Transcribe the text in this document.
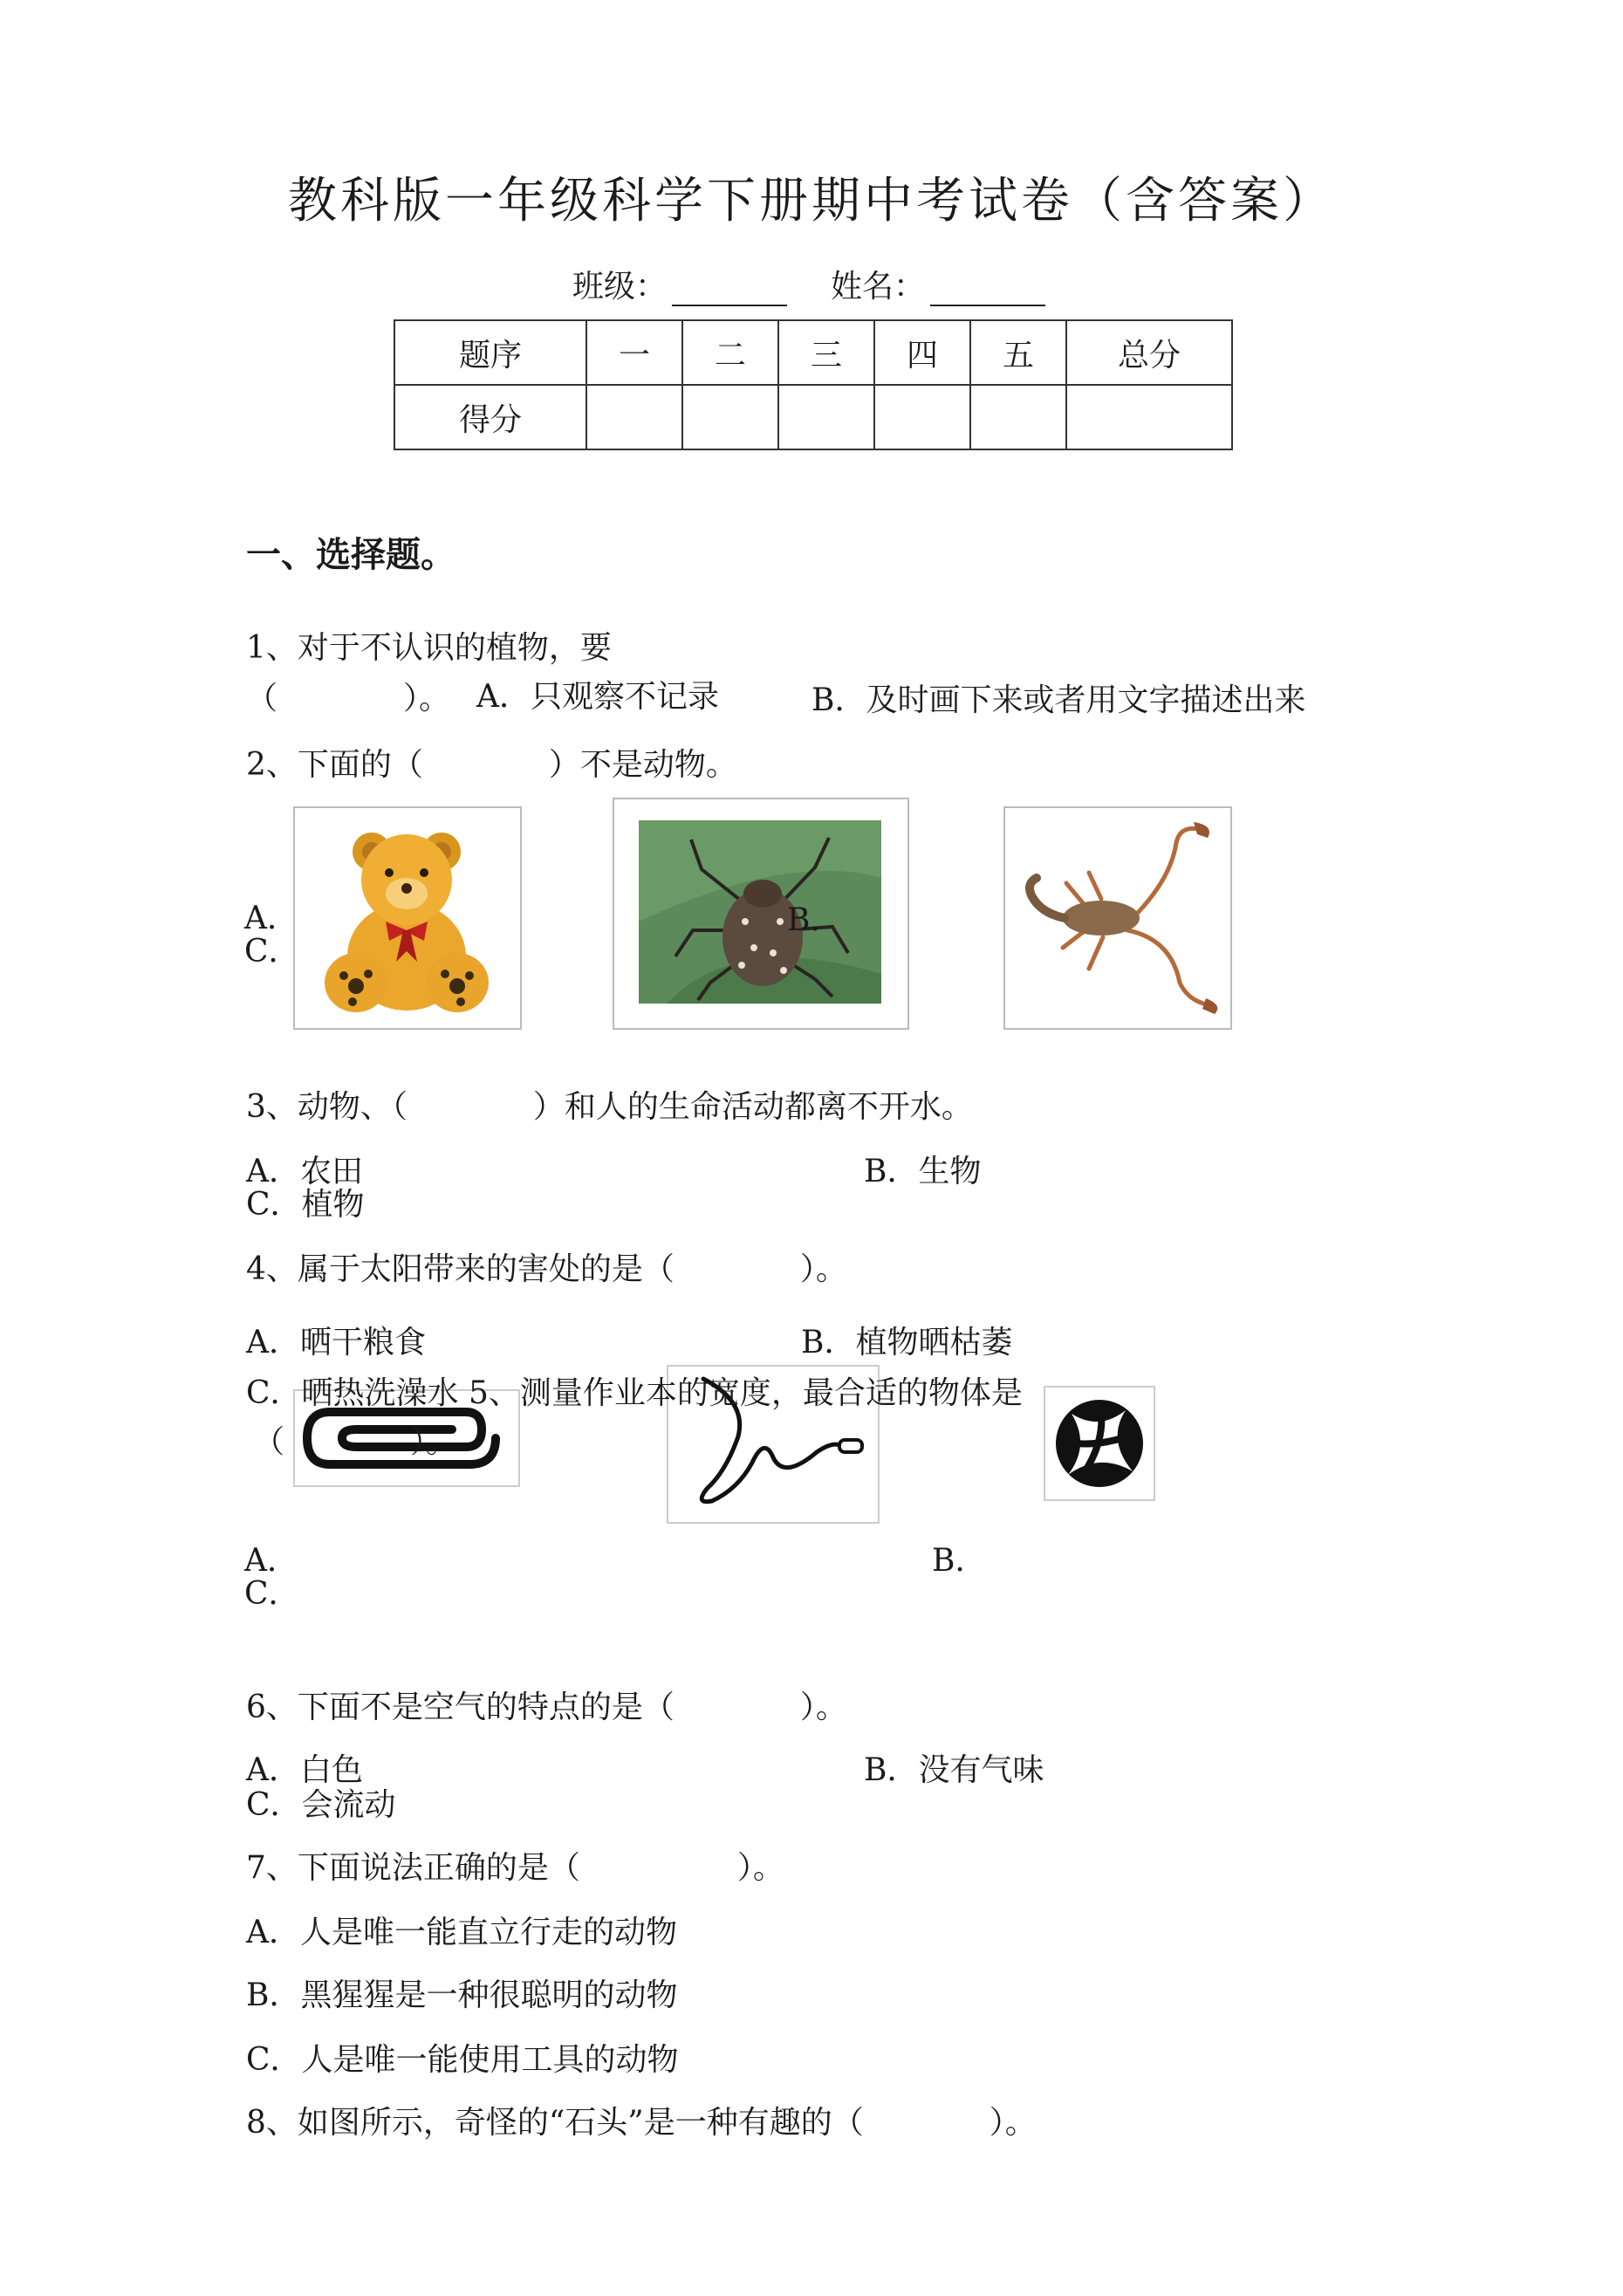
教科版一年级科学下册期中考试卷（含答案）
班级：	姓名：
题序	一	二	三	四	五	总分
得分						
一、选择题。
1、对于不认识的植物，要
（　　　　）。 A．只观察不记录	B．及时画下来或者用文字描述出来
2、下面的（　　　　）不是动物。
A．
C．
B．
3、动物、（　　　　）和人的生命活动都离不开水。
A．农田	B．生物
C．植物
4、属于太阳带来的害处的是（　　　　）。
A．晒干粮食	B．植物晒枯萎
C．晒热洗澡水 5、测量作业本的宽度，最合适的物体是
（　　　　）。
A．	B．
C．
6、下面不是空气的特点的是（　　　　）。
A．白色	B．没有气味
C．会流动
7、下面说法正确的是（　　　　　）。
A．人是唯一能直立行走的动物
B．黑猩猩是一种很聪明的动物
C．人是唯一能使用工具的动物
8、如图所示，奇怪的“石头”是一种有趣的（　　　　）。
